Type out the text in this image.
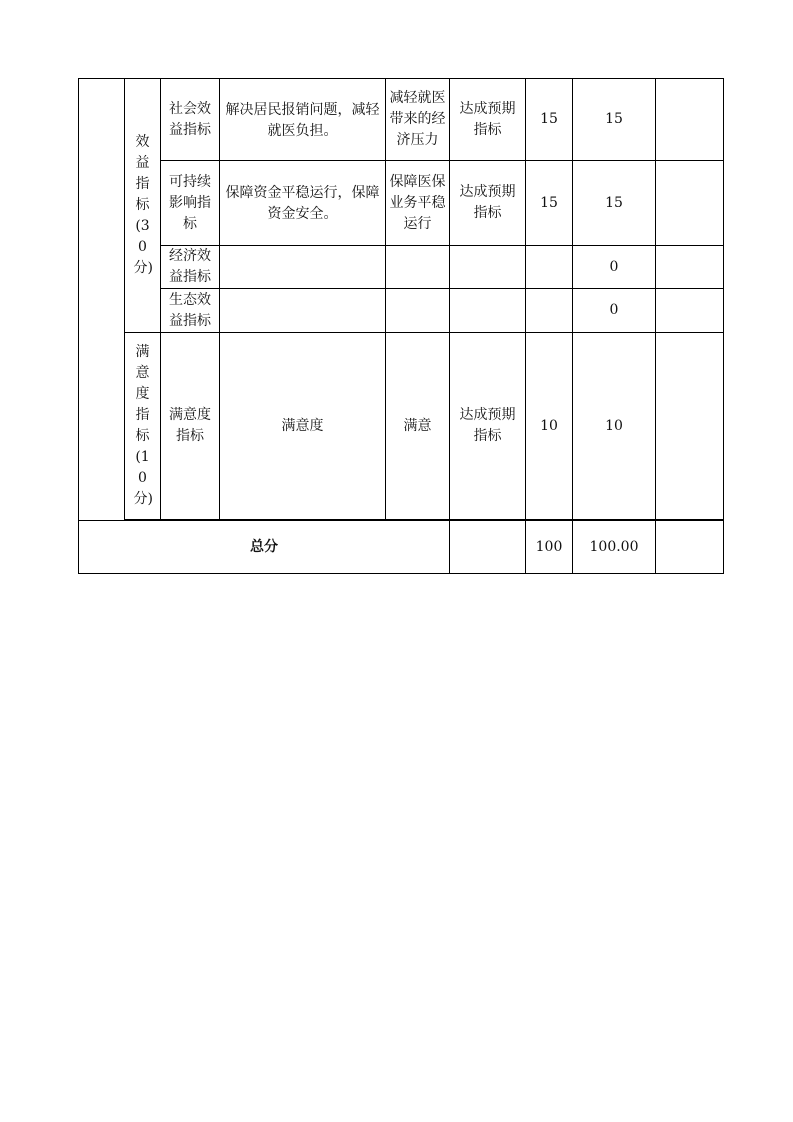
	效益指标(30分)	社会效益指标	解决居民报销问题，减轻就医负担。	减轻就医带来的经济压力	达成预期指标	15	15	

		可持续影响指标	保障资金平稳运行，保障资金安全。	保障医保业务平稳运行	达成预期指标	15	15	

		经济效益指标					0	

		生态效益指标					0	

	满意度指标(10分)	满意度指标	满意度	满意	达成预期指标	10	10	

总分						100	100.00	
